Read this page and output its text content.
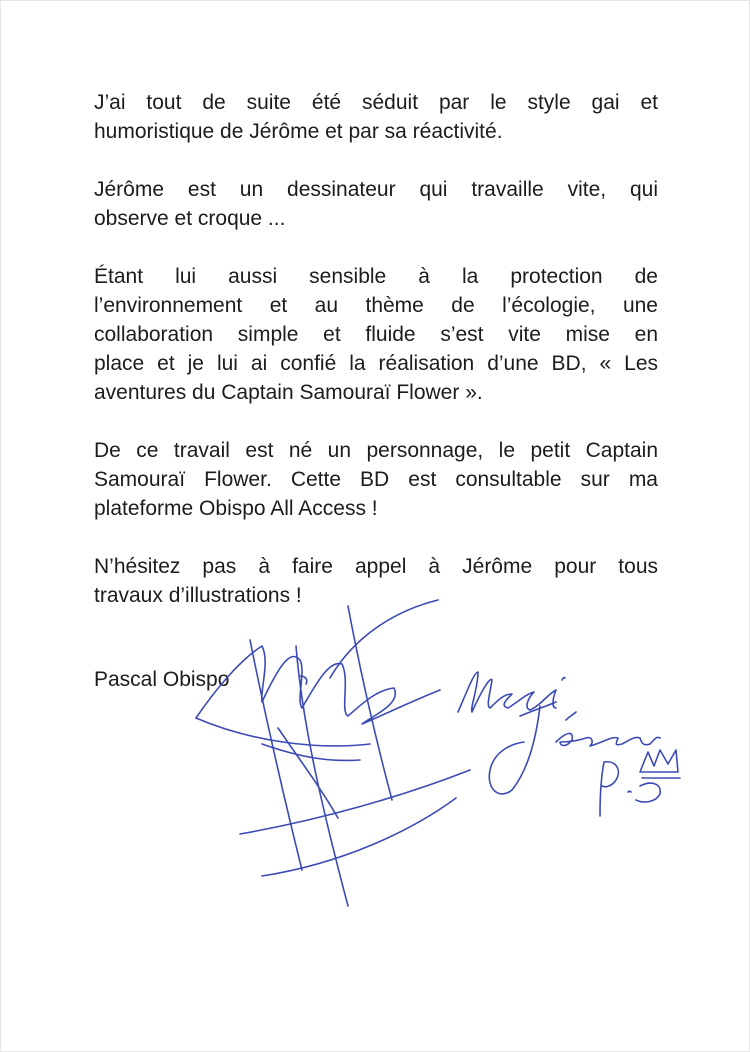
J’ai tout de suite été séduit par le style gai et
humoristique de Jérôme et par sa réactivité.

Jérôme est un dessinateur qui travaille vite, qui
observe et croque ...

Étant lui aussi sensible à la protection de
l’environnement et au thème de l’écologie, une
collaboration simple et fluide s’est vite mise en
place et je lui ai confié la réalisation d’une BD, « Les
aventures du Captain Samouraï Flower ».

De ce travail est né un personnage, le petit Captain
Samouraï Flower. Cette BD est consultable sur ma
plateforme Obispo All Access !

N’hésitez pas à faire appel à Jérôme pour tous
travaux d’illustrations !

Pascal Obispo
